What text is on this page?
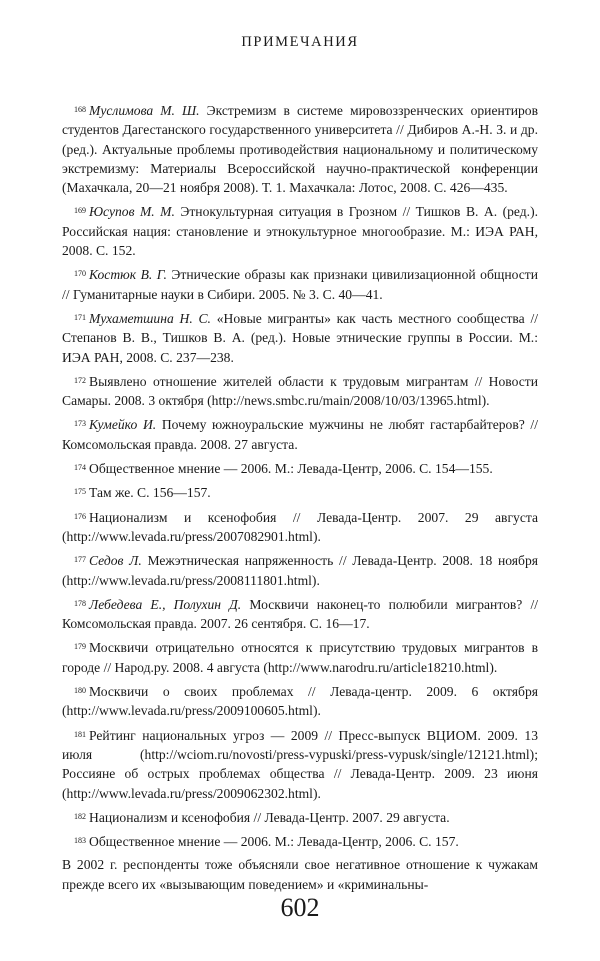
ПРИМЕЧАНИЯ

$^{168}$ Муслимова М. Ш. Экстремизм в системе мировоззренческих ориентиров студентов Дагестанского государственного университета // Дибиров А.-Н. З. и др. (ред.). Актуальные проблемы противодействия национальному и политическому экстремизму: Материалы Всероссийской научно-практической конференции (Махачкала, 20—21 ноября 2008). Т. 1. Махачкала: Лотос, 2008. С. 426—435.

$^{169}$ Юсупов М. М. Этнокультурная ситуация в Грозном // Тишков В. А. (ред.). Российская нация: становление и этнокультурное многообразие. М.: ИЭА РАН, 2008. С. 152.

$^{170}$ Костюк В. Г. Этнические образы как признаки цивилизационной общности // Гуманитарные науки в Сибири. 2005. № 3. С. 40—41.

$^{171}$ Мухаметшина Н. С. «Новые мигранты» как часть местного сообщества // Степанов В. В., Тишков В. А. (ред.). Новые этнические группы в России. М.: ИЭА РАН, 2008. С. 237—238.

$^{172}$ Выявлено отношение жителей области к трудовым мигрантам // Новости Самары. 2008. 3 октября (http://news.smbc.ru/main/2008/10/03/13965.html).

$^{173}$ Кумейко И. Почему южноуральские мужчины не любят гастарбайтеров? // Комсомольская правда. 2008. 27 августа.

$^{174}$ Общественное мнение — 2006. М.: Левада-Центр, 2006. С. 154—155.

$^{175}$ Там же. С. 156—157.

$^{176}$ Национализм и ксенофобия // Левада-Центр. 2007. 29 августа (http://www.levada.ru/press/2007082901.html).

$^{177}$ Седов Л. Межэтническая напряженность // Левада-Центр. 2008. 18 ноября (http://www.levada.ru/press/2008111801.html).

$^{178}$ Лебедева Е., Полухин Д. Москвичи наконец-то полюбили мигрантов? // Комсомольская правда. 2007. 26 сентября. С. 16—17.

$^{179}$ Москвичи отрицательно относятся к присутствию трудовых мигрантов в городе // Народ.ру. 2008. 4 августа (http://www.narodru.ru/article18210.html).

$^{180}$ Москвичи о своих проблемах // Левада-центр. 2009. 6 октября (http://www.levada.ru/press/2009100605.html).

$^{181}$ Рейтинг национальных угроз — 2009 // Пресс-выпуск ВЦИОМ. 2009. 13 июля (http://wciom.ru/novosti/press-vypuski/press-vypusk/single/12121.html); Россияне об острых проблемах общества // Левада-Центр. 2009. 23 июня (http://www.levada.ru/press/2009062302.html).

$^{182}$ Национализм и ксенофобия // Левада-Центр. 2007. 29 августа.

$^{183}$ Общественное мнение — 2006. М.: Левада-Центр, 2006. С. 157.

В 2002 г. респонденты тоже объясняли свое негативное отношение к чужакам прежде всего их «вызывающим поведением» и «криминальны-

602
